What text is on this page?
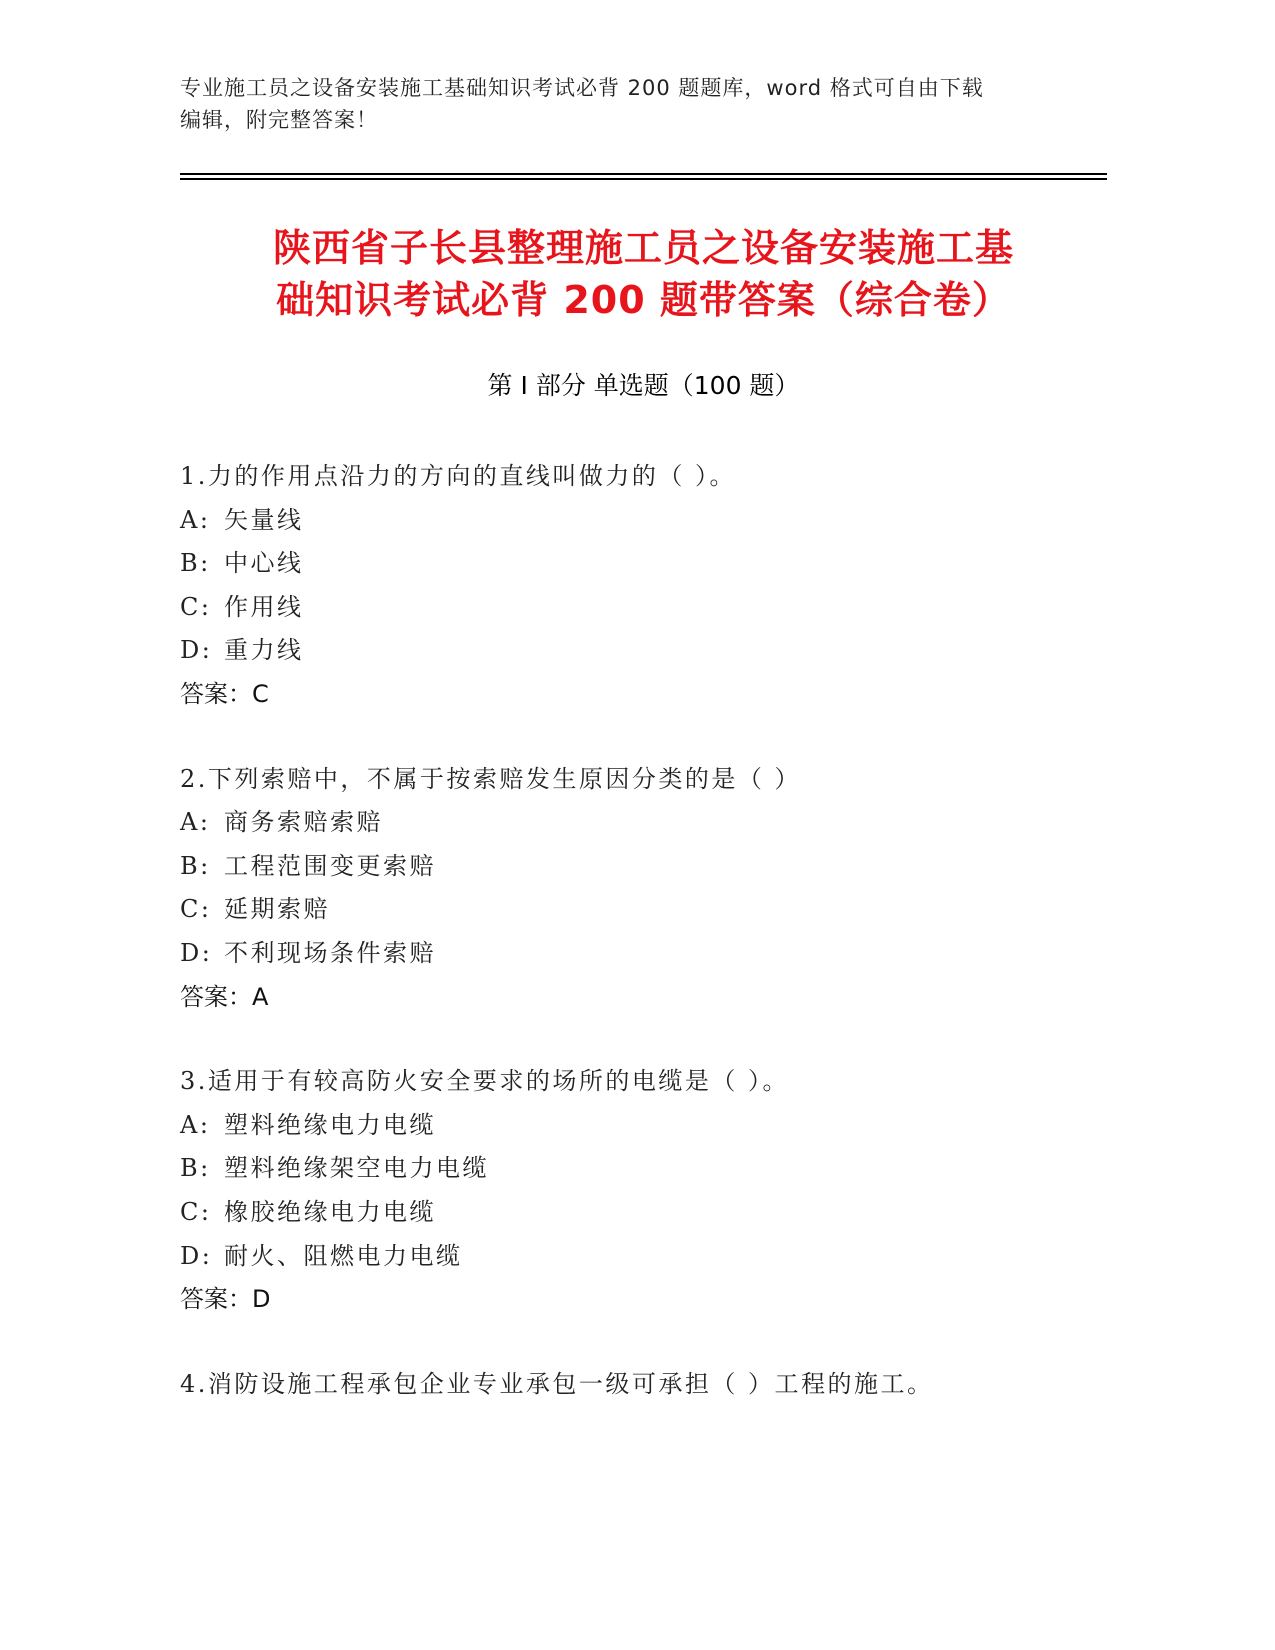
专业施工员之设备安装施工基础知识考试必背 200 题题库，word 格式可自由下载
编辑，附完整答案！
陕西省子长县整理施工员之设备安装施工基
础知识考试必背 200 题带答案（综合卷）
第 I 部分 单选题（100 题）
1.力的作用点沿力的方向的直线叫做力的（ ）。
A: 矢量线
B: 中心线
C: 作用线
D: 重力线
答案：C
2.下列索赔中，不属于按索赔发生原因分类的是（ ）
A: 商务索赔索赔
B: 工程范围变更索赔
C: 延期索赔
D: 不利现场条件索赔
答案：A
3.适用于有较高防火安全要求的场所的电缆是（ ）。
A: 塑料绝缘电力电缆
B: 塑料绝缘架空电力电缆
C: 橡胶绝缘电力电缆
D: 耐火、阻燃电力电缆
答案：D
4.消防设施工程承包企业专业承包一级可承担（ ）工程的施工。
